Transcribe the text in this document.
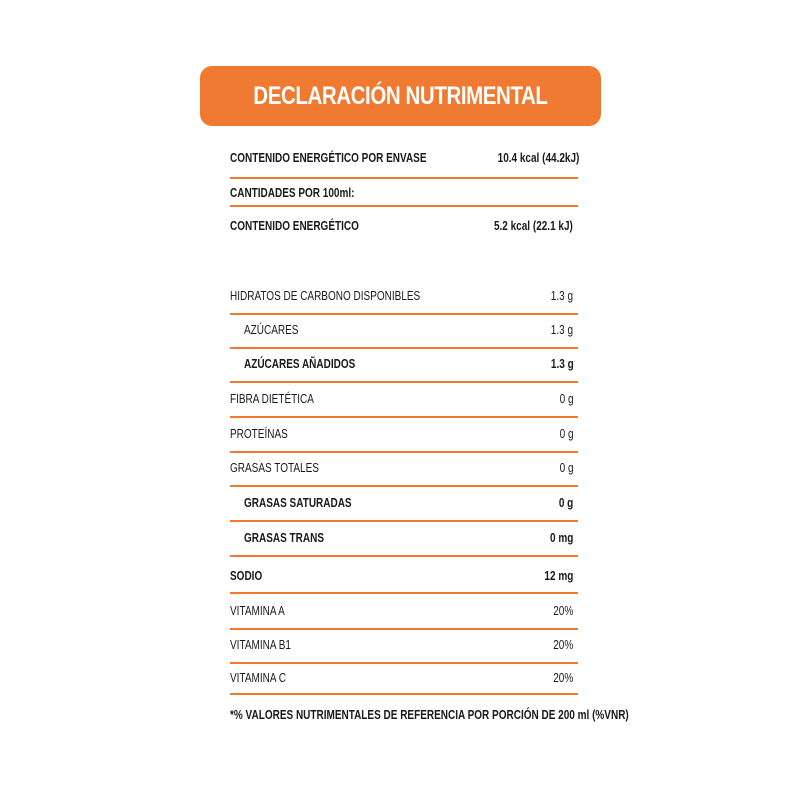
DECLARACIÓN NUTRIMENTAL
CONTENIDO ENERGÉTICO POR ENVASE	10.4 kcal (44.2kJ)
CANTIDADES POR 100ml:
CONTENIDO ENERGÉTICO	5.2 kcal (22.1 kJ)
HIDRATOS DE CARBONO DISPONIBLES	1.3 g
AZÚCARES	1.3 g
AZÚCARES AÑADIDOS	1.3 g
FIBRA DIETÉTICA	0 g
PROTEÍNAS	0 g
GRASAS TOTALES	0 g
GRASAS SATURADAS	0 g
GRASAS TRANS	0 mg
SODIO	12 mg
VITAMINA A	20%
VITAMINA B1	20%
VITAMINA C	20%
*% VALORES NUTRIMENTALES DE REFERENCIA POR PORCIÓN DE 200 ml (%VNR)
